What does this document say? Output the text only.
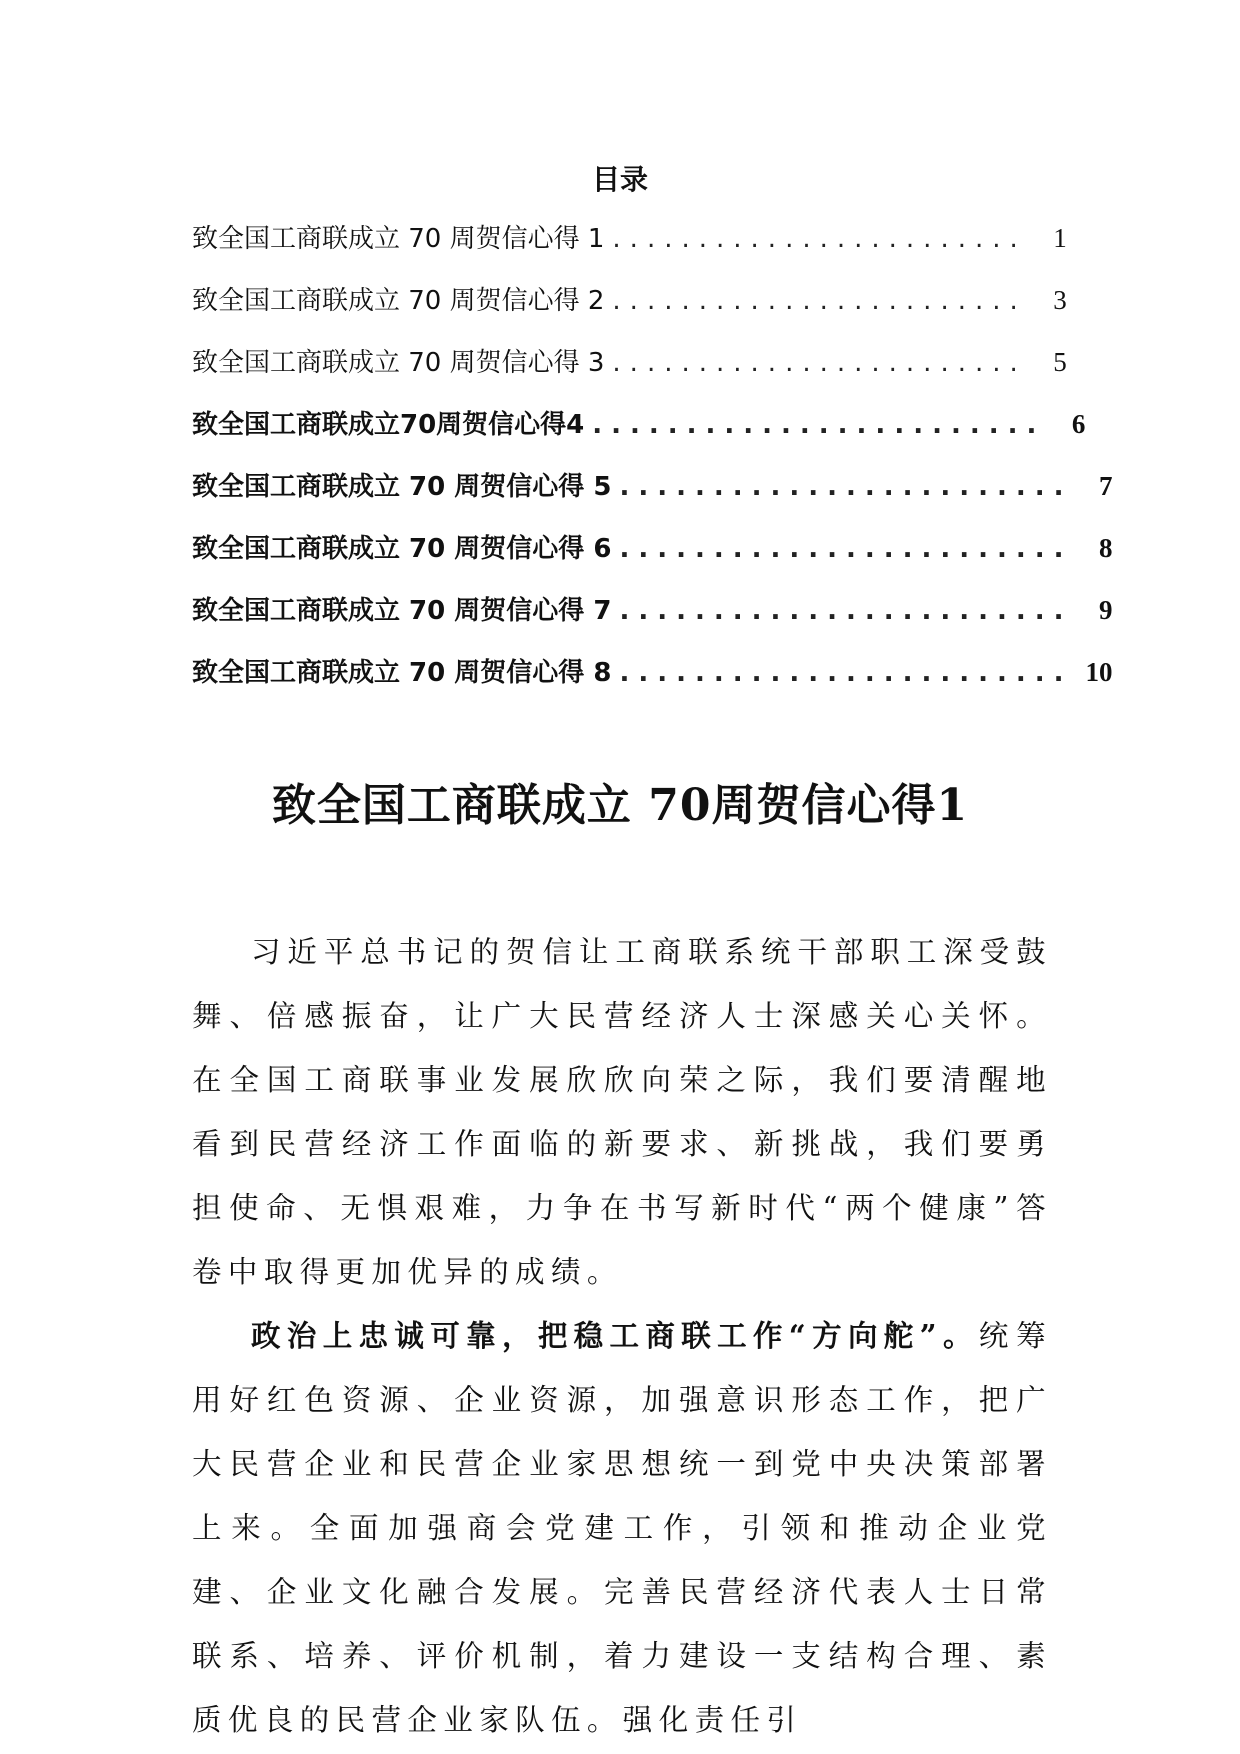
目录
致全国工商联成立 70 周贺信心得 1 ........................ 1
致全国工商联成立 70 周贺信心得 2 ........................ 3
致全国工商联成立 70 周贺信心得 3 ........................ 5
致全国工商联成立70周贺信心得4 ........................ 6
致全国工商联成立 70 周贺信心得 5 ........................ 7
致全国工商联成立 70 周贺信心得 6 ........................ 8
致全国工商联成立 70 周贺信心得 7 ........................ 9
致全国工商联成立 70 周贺信心得 8 ........................ 10
致全国工商联成立 70周贺信心得1

习近平总书记的贺信让工商联系统干部职工深受鼓舞、倍感振奋，让广大民营经济人士深感关心关怀。在全国工商联事业发展欣欣向荣之际，我们要清醒地看到民营经济工作面临的新要求、新挑战，我们要勇担使命、无惧艰难，力争在书写新时代“两个健康”答卷中取得更加优异的成绩。

政治上忠诚可靠，把稳工商联工作“方向舵”。统筹用好红色资源、企业资源，加强意识形态工作，把广大民营企业和民营企业家思想统一到党中央决策部署上来。全面加强商会党建工作，引领和推动企业党建、企业文化融合发展。完善民营经济代表人士日常联系、培养、评价机制，着力建设一支结构合理、素质优良的民营企业家队伍。强化责任引
